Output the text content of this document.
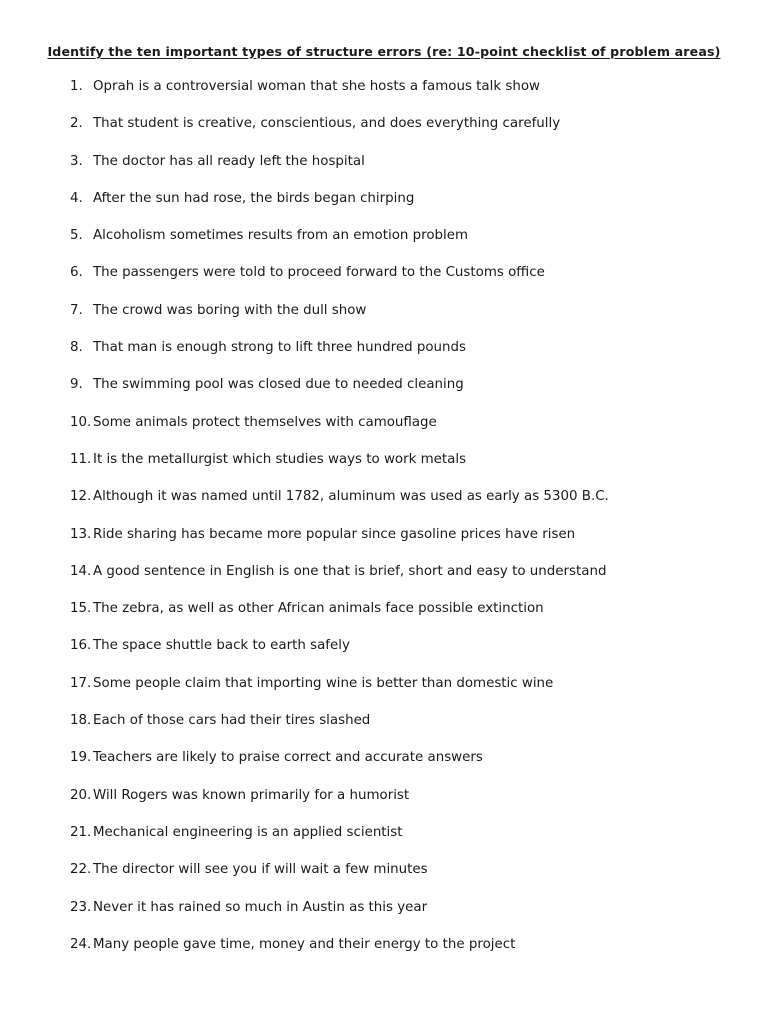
Identify the ten important types of structure errors (re: 10-point checklist of problem areas)
1. Oprah is a controversial woman that she hosts a famous talk show
2. That student is creative, conscientious, and does everything carefully
3. The doctor has all ready left the hospital
4. After the sun had rose, the birds began chirping
5. Alcoholism sometimes results from an emotion problem
6. The passengers were told to proceed forward to the Customs office
7. The crowd was boring with the dull show
8. That man is enough strong to lift three hundred pounds
9. The swimming pool was closed due to needed cleaning
10. Some animals protect themselves with camouflage
11. It is the metallurgist which studies ways to work metals
12. Although it was named until 1782, aluminum was used as early as 5300 B.C.
13. Ride sharing has became more popular since gasoline prices have risen
14. A good sentence in English is one that is brief, short and easy to understand
15. The zebra, as well as other African animals face possible extinction
16. The space shuttle back to earth safely
17. Some people claim that importing wine is better than domestic wine
18. Each of those cars had their tires slashed
19. Teachers are likely to praise correct and accurate answers
20. Will Rogers was known primarily for a humorist
21. Mechanical engineering is an applied scientist
22. The director will see you if will wait a few minutes
23. Never it has rained so much in Austin as this year
24. Many people gave time, money and their energy to the project
